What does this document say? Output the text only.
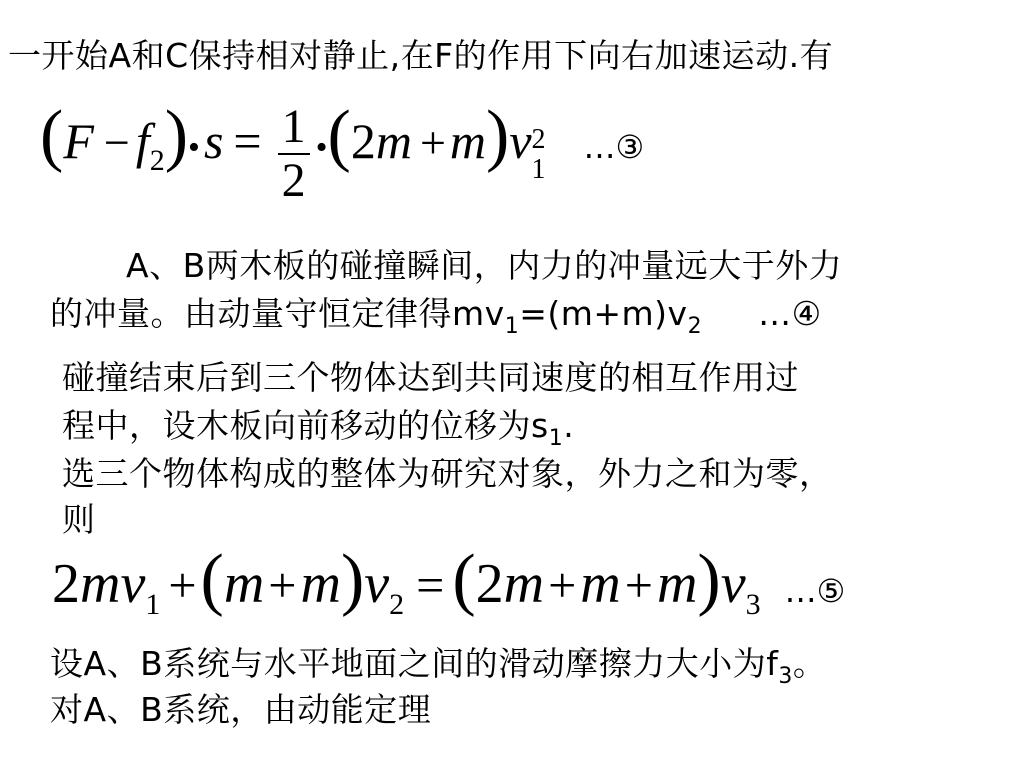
一开始A和C保持相对静止,在F的作用下向右加速运动.有
(F − f2)• $s = \frac{1}{2}$ •(2m +m)v 2
1
…③
A、B两木板的碰撞瞬间，内力的冲量远大于外力
的冲量。由动量守恒定律得$mv_1=(m+m)v_2$ …④
碰撞结束后到三个物体达到共同速度的相互作用过
程中，设木板向前移动的位移为$s_1$.
选三个物体构成的整体为研究对象，外力之和为零，
则
2mv1 +(m+m)v2 = (2m+m+m)v3 …⑤
设A、B系统与水平地面之间的滑动摩擦力大小为$f_3$。
对A、B系统，由动能定理
